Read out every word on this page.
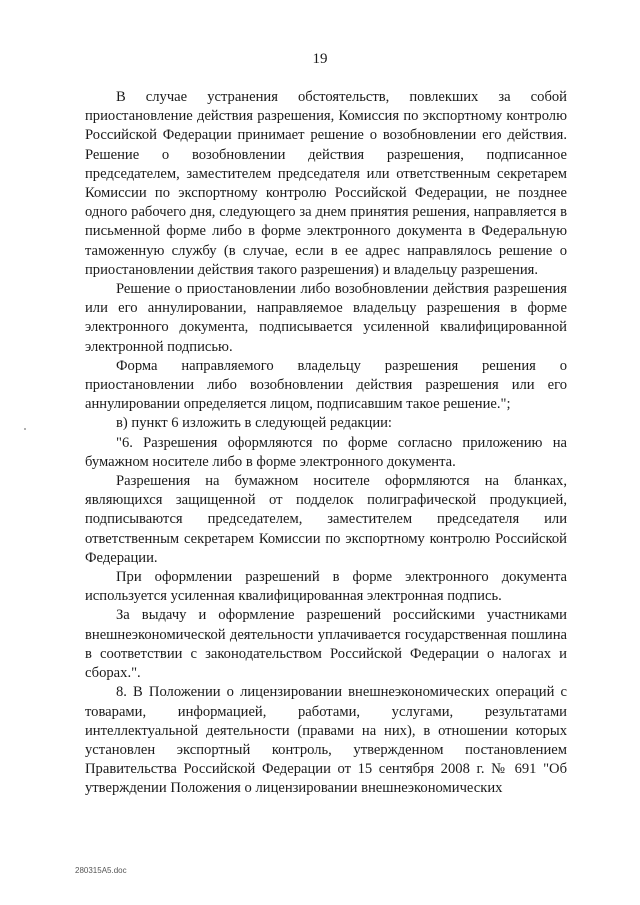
19

В случае устранения обстоятельств, повлекших за собой приостановление действия разрешения, Комиссия по экспортному контролю Российской Федерации принимает решение о возобновлении его действия. Решение о возобновлении действия разрешения, подписанное председателем, заместителем председателя или ответственным секретарем Комиссии по экспортному контролю Российской Федерации, не позднее одного рабочего дня, следующего за днем принятия решения, направляется в письменной форме либо в форме электронного документа в Федеральную таможенную службу (в случае, если в ее адрес направлялось решение о приостановлении действия такого разрешения) и владельцу разрешения.

Решение о приостановлении либо возобновлении действия разрешения или его аннулировании, направляемое владельцу разрешения в форме электронного документа, подписывается усиленной квалифицированной электронной подписью.

Форма направляемого владельцу разрешения решения о приостановлении либо возобновлении действия разрешения или его аннулировании определяется лицом, подписавшим такое решение.";

в) пункт 6 изложить в следующей редакции:

"6. Разрешения оформляются по форме согласно приложению на бумажном носителе либо в форме электронного документа.

Разрешения на бумажном носителе оформляются на бланках, являющихся защищенной от подделок полиграфической продукцией, подписываются председателем, заместителем председателя или ответственным секретарем Комиссии по экспортному контролю Российской Федерации.

При оформлении разрешений в форме электронного документа используется усиленная квалифицированная электронная подпись.

За выдачу и оформление разрешений российскими участниками внешнеэкономической деятельности уплачивается государственная пошлина в соответствии с законодательством Российской Федерации о налогах и сборах.".

8. В Положении о лицензировании внешнеэкономических операций с товарами, информацией, работами, услугами, результатами интеллектуальной деятельности (правами на них), в отношении которых установлен экспортный контроль, утвержденном постановлением Правительства Российской Федерации от 15 сентября 2008 г. № 691 "Об утверждении Положения о лицензировании внешнеэкономических

280315A5.doc
